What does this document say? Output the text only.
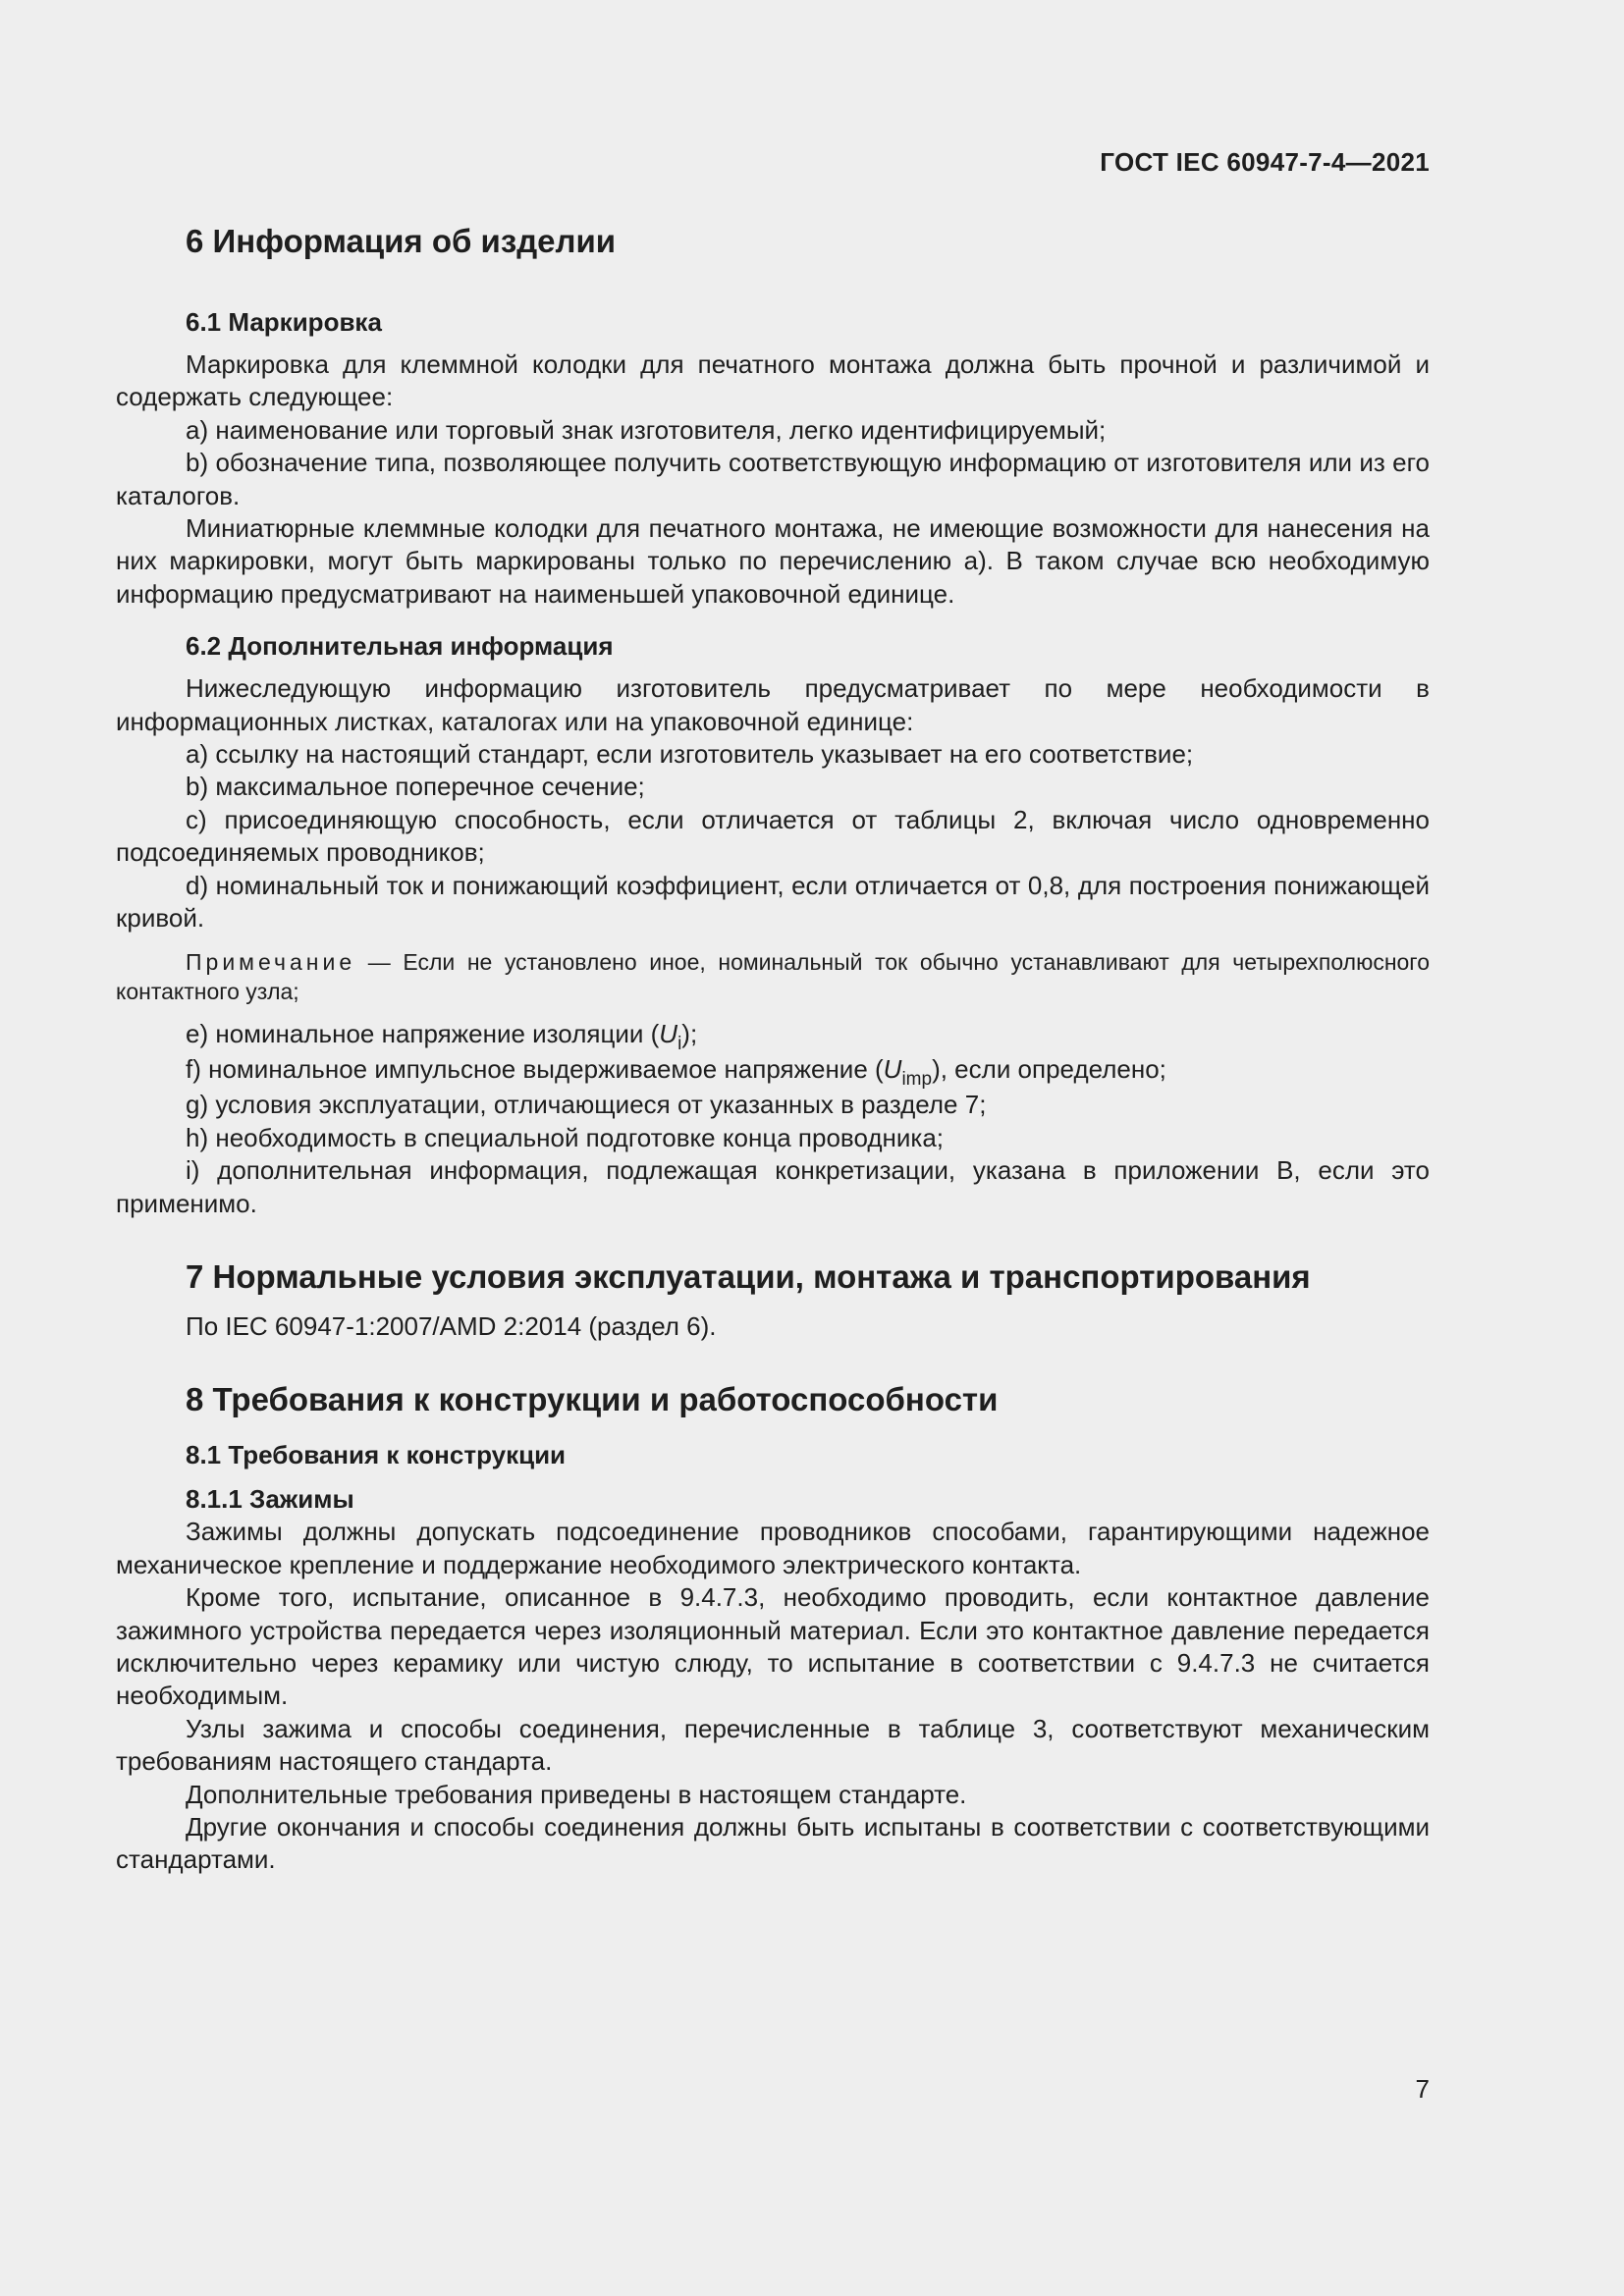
ГОСТ IEC 60947-7-4—2021
6 Информация об изделии
6.1 Маркировка

Маркировка для клеммной колодки для печатного монтажа должна быть прочной и различимой и содержать следующее:

а) наименование или торговый знак изготовителя, легко идентифицируемый;

b) обозначение типа, позволяющее получить соответствующую информацию от изготовителя или из его каталогов.

Миниатюрные клеммные колодки для печатного монтажа, не имеющие возможности для нанесения на них маркировки, могут быть маркированы только по перечислению а). В таком случае всю необходимую информацию предусматривают на наименьшей упаковочной единице.

6.2 Дополнительная информация

Нижеследующую информацию изготовитель предусматривает по мере необходимости в информационных листках, каталогах или на упаковочной единице:

a) ссылку на настоящий стандарт, если изготовитель указывает на его соответствие;

b) максимальное поперечное сечение;

с) присоединяющую способность, если отличается от таблицы 2, включая число одновременно подсоединяемых проводников;

d) номинальный ток и понижающий коэффициент, если отличается от 0,8, для построения понижающей кривой.

Примечание — Если не установлено иное, номинальный ток обычно устанавливают для четырехполюсного контактного узла;

e) номинальное напряжение изоляции $(U_i)$;

f) номинальное импульсное выдерживаемое напряжение $(U_{imp})$, если определено;

g) условия эксплуатации, отличающиеся от указанных в разделе 7;

h) необходимость в специальной подготовке конца проводника;

i) дополнительная информация, подлежащая конкретизации, указана в приложении В, если это применимо.

7 Нормальные условия эксплуатации, монтажа и транспортирования

По IEC 60947-1:2007/AMD 2:2014 (раздел 6).

8 Требования к конструкции и работоспособности
8.1 Требования к конструкции
8.1.1 Зажимы

Зажимы должны допускать подсоединение проводников способами, гарантирующими надежное механическое крепление и поддержание необходимого электрического контакта.

Кроме того, испытание, описанное в 9.4.7.3, необходимо проводить, если контактное давление зажимного устройства передается через изоляционный материал. Если это контактное давление передается исключительно через керамику или чистую слюду, то испытание в соответствии с 9.4.7.3 не считается необходимым.

Узлы зажима и способы соединения, перечисленные в таблице 3, соответствуют механическим требованиям настоящего стандарта.

Дополнительные требования приведены в настоящем стандарте.

Другие окончания и способы соединения должны быть испытаны в соответствии с соответствующими стандартами.

7
